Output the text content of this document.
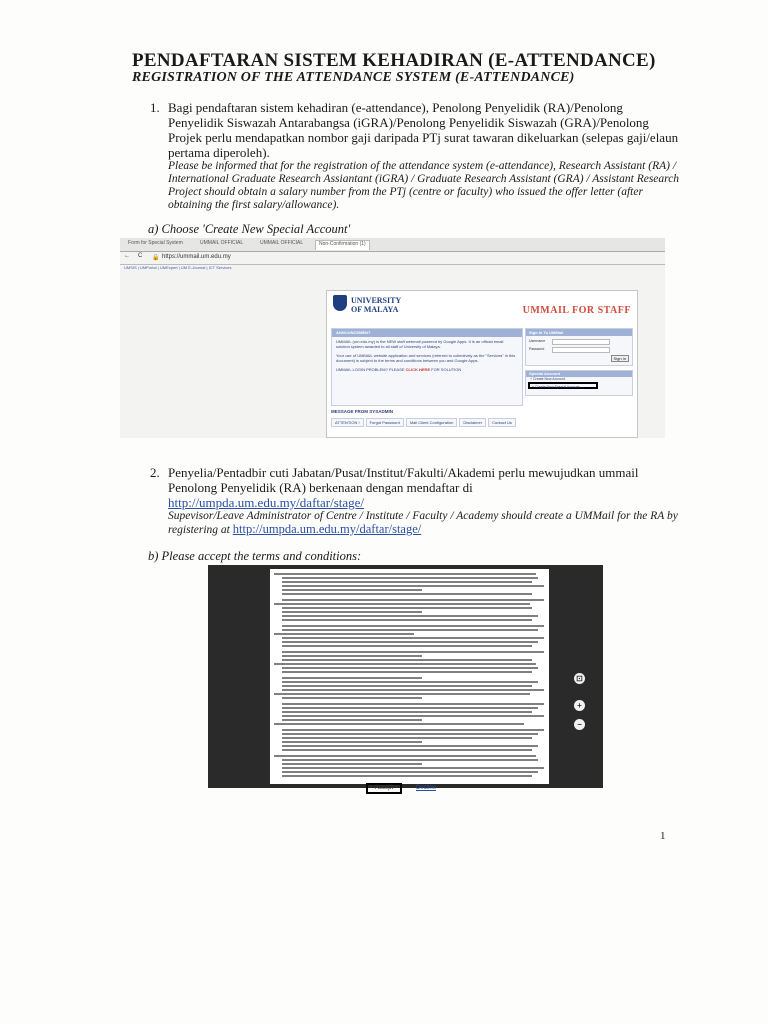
PENDAFTARAN SISTEM KEHADIRAN (E-ATTENDANCE)
REGISTRATION OF THE ATTENDANCE SYSTEM (E-ATTENDANCE)
1. Bagi pendaftaran sistem kehadiran (e-attendance), Penolong Penyelidik (RA)/Penolong Penyelidik Siswazah Antarabangsa (iGRA)/Penolong Penyelidik Siswazah (GRA)/Penolong Projek perlu mendapatkan nombor gaji daripada PTj surat tawaran dikeluarkan (selepas gaji/elaun pertama diperoleh).
Please be informed that for the registration of the attendance system (e-attendance), Research Assistant (RA) / International Graduate Research Assiantant (iGRA) / Graduate Research Assistant (GRA) / Assistant Research Project should obtain a salary number from the PTj (centre or faculty) who issued the offer letter (after obtaining the first salary/allowance).
a) Choose 'Create New Special Account'
Form for Special System	UMMAIL OFFICIAL	UMMAIL OFFICIAL	Non-Confirmation (1)
← C 🔒 https://ummail.um.edu.my
UMSIS | UMPortal | UMExpert | UM E-Journal | ICT Services
UNIVERSITY OF MALAYA	UMMAIL FOR STAFF
ANNOUNCEMENT
UMMAIL (um.edu.my) is the NEW staff webmail powered by Google Apps. It is an official email solution system awarded to all staff of University of Malaya.
Your use of UMMAIL website application and services (referred to collectively as the "Services" in this document) is subject to the terms and conditions between you and Google Apps.
UMMAIL LOGIN PROBLEM? PLEASE CLICK HERE FOR SOLUTION
Sign In To UMMail
Username
Password
Sign In
Special Account
+ Create New Account
+ Create New Special Account
MESSAGE FROM SYSADMIN
ATTENTION !	Forgot Password	Mail Client Configuration	Disclaimer	Contact Us
2. Penyelia/Pentadbir cuti Jabatan/Pusat/Institut/Fakulti/Akademi perlu mewujudkan ummail Penolong Penyelidik (RA) berkenaan dengan mendaftar di
http://umpda.um.edu.my/daftar/stage/
Supevisor/Leave Administrator of Centre / Institute / Faculty / Academy should create a UMMail for the RA by registering at http://umpda.um.edu.my/daftar/stage/
b) Please accept the terms and conditions:
⊡
+
−
Accept	Decline
1
